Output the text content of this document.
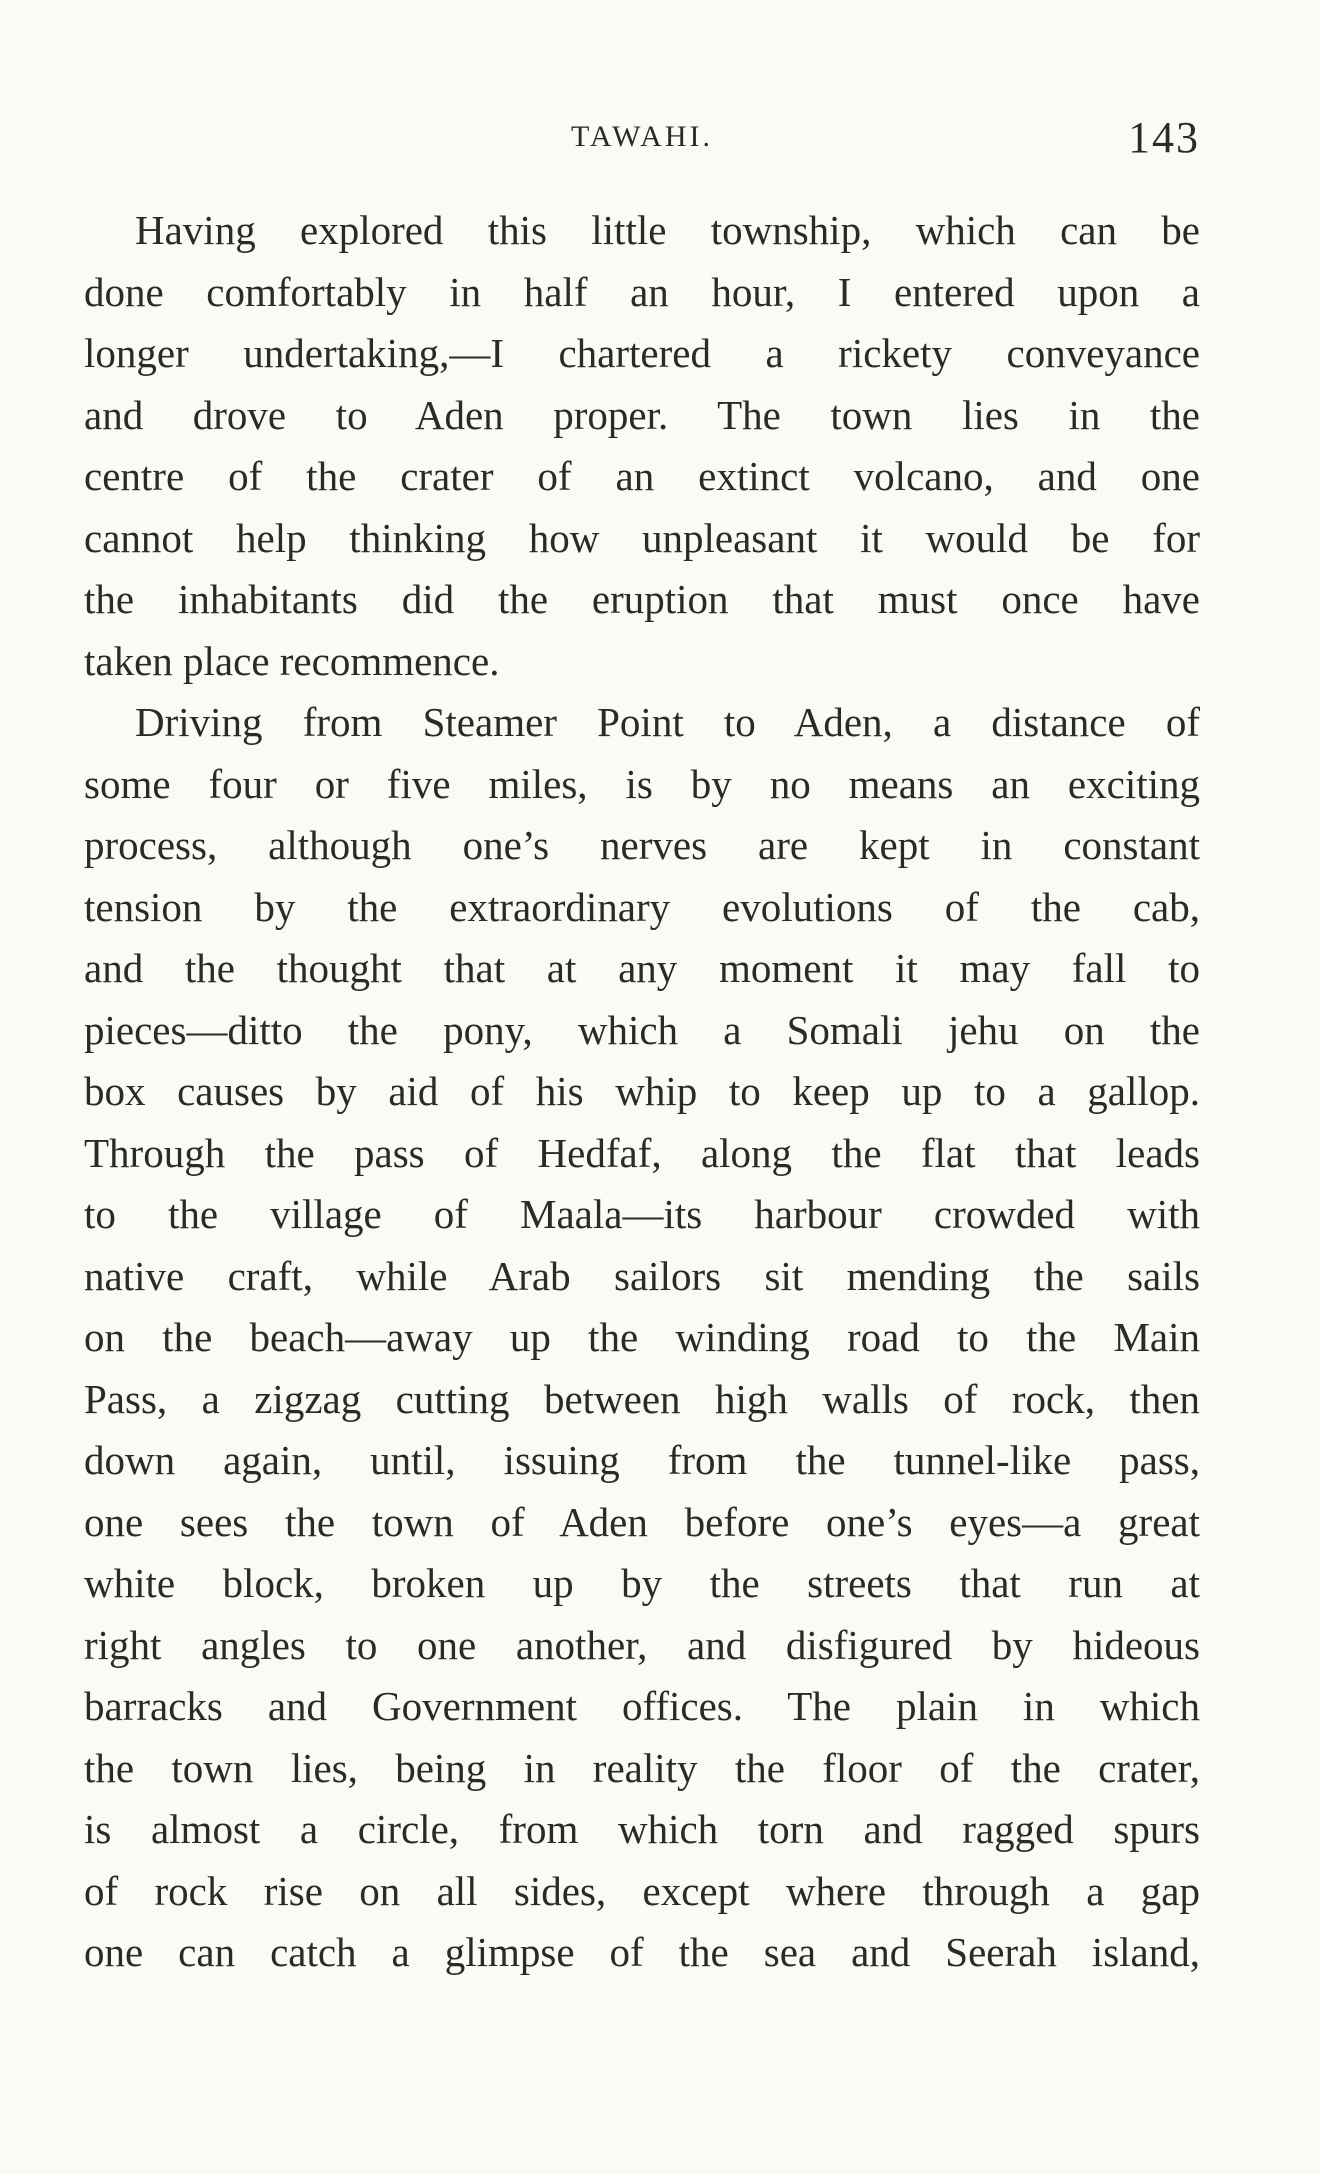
TAWAHI.	143
Having explored this little township, which can be
done comfortably in half an hour, I entered upon a
longer undertaking,—I chartered a rickety conveyance
and drove to Aden proper. The town lies in the
centre of the crater of an extinct volcano, and one
cannot help thinking how unpleasant it would be for
the inhabitants did the eruption that must once have
taken place recommence.
Driving from Steamer Point to Aden, a distance of
some four or five miles, is by no means an exciting
process, although one’s nerves are kept in constant
tension by the extraordinary evolutions of the cab,
and the thought that at any moment it may fall to
pieces—ditto the pony, which a Somali jehu on the
box causes by aid of his whip to keep up to a gallop.
Through the pass of Hedfaf, along the flat that leads
to the village of Maala—its harbour crowded with
native craft, while Arab sailors sit mending the sails
on the beach—away up the winding road to the Main
Pass, a zigzag cutting between high walls of rock, then
down again, until, issuing from the tunnel-like pass,
one sees the town of Aden before one’s eyes—a great
white block, broken up by the streets that run at
right angles to one another, and disfigured by hideous
barracks and Government offices. The plain in which
the town lies, being in reality the floor of the crater,
is almost a circle, from which torn and ragged spurs
of rock rise on all sides, except where through a gap
one can catch a glimpse of the sea and Seerah island,
